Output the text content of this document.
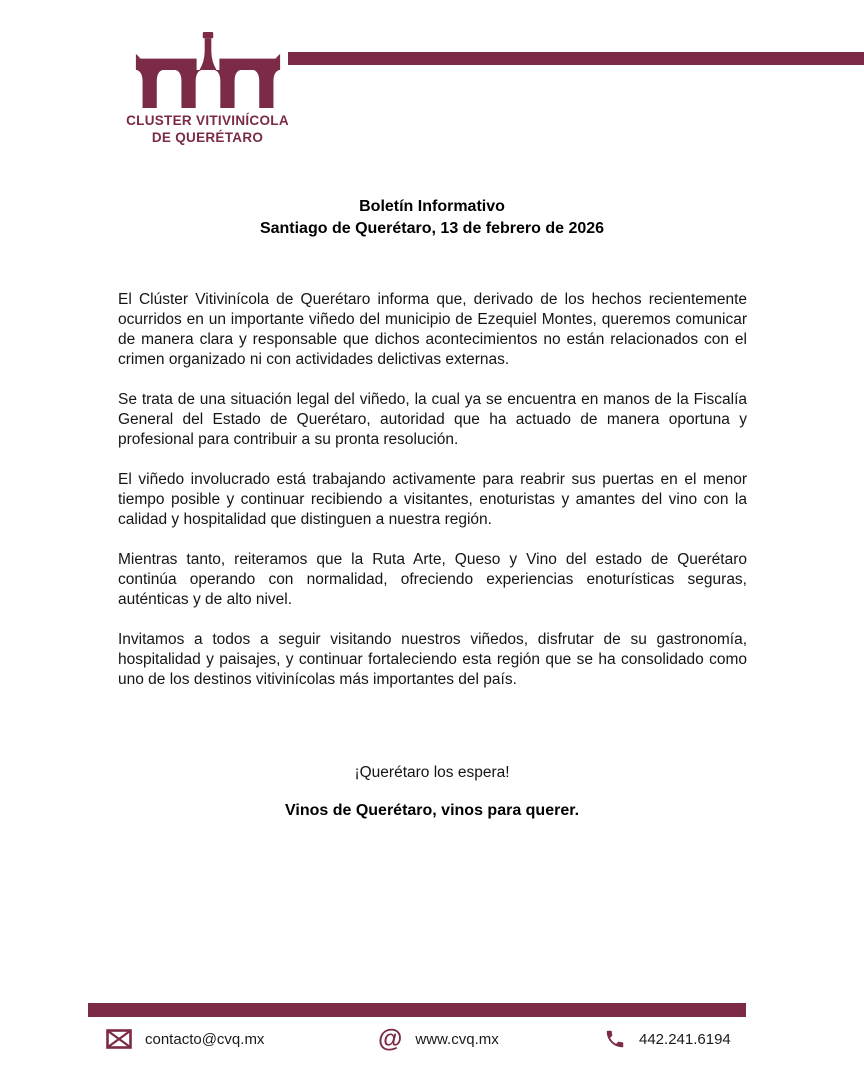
CLUSTER VITIVINÍCOLA
DE QUERÉTARO
Boletín Informativo
Santiago de Querétaro, 13 de febrero de 2026

El Clúster Vitivinícola de Querétaro informa que, derivado de los hechos recientemente ocurridos en un importante viñedo del municipio de Ezequiel Montes, queremos comunicar de manera clara y responsable que dichos acontecimientos no están relacionados con el crimen organizado ni con actividades delictivas externas.

Se trata de una situación legal del viñedo, la cual ya se encuentra en manos de la Fiscalía General del Estado de Querétaro, autoridad que ha actuado de manera oportuna y profesional para contribuir a su pronta resolución.

El viñedo involucrado está trabajando activamente para reabrir sus puertas en el menor tiempo posible y continuar recibiendo a visitantes, enoturistas y amantes del vino con la calidad y hospitalidad que distinguen a nuestra región.

Mientras tanto, reiteramos que la Ruta Arte, Queso y Vino del estado de Querétaro continúa operando con normalidad, ofreciendo experiencias enoturísticas seguras, auténticas y de alto nivel.

Invitamos a todos a seguir visitando nuestros viñedos, disfrutar de su gastronomía, hospitalidad y paisajes, y continuar fortaleciendo esta región que se ha consolidado como uno de los destinos vitivinícolas más importantes del país.

¡Querétaro los espera!
Vinos de Querétaro, vinos para querer.
contacto@cvq.mx	@ www.cvq.mx	442.241.6194
